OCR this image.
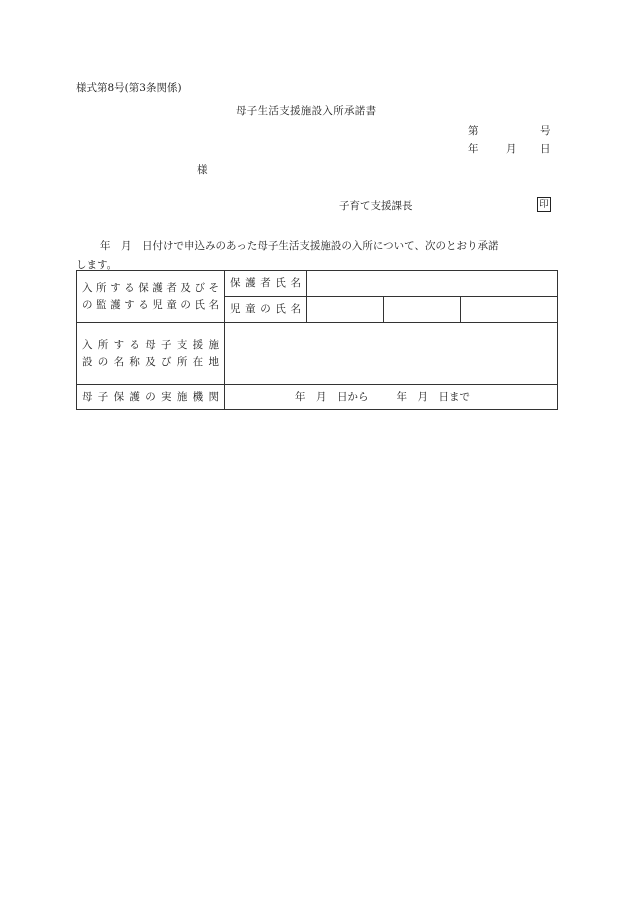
様式第8号(第3条関係)
母子生活支援施設入所承諾書
第	号
年	月 日
様
子育て支援課長	印
年　月　日付けで申込みのあった母子生活支援施設の入所について、次のとおり承諾
します。
入所する保護者及びそ
の監護する児童の氏名	保護者氏名			
	児童の氏名			

入所する母子支援施
設の名称及び所在地				

母子保護の実施機関	年　月　日から 年　月　日まで			
